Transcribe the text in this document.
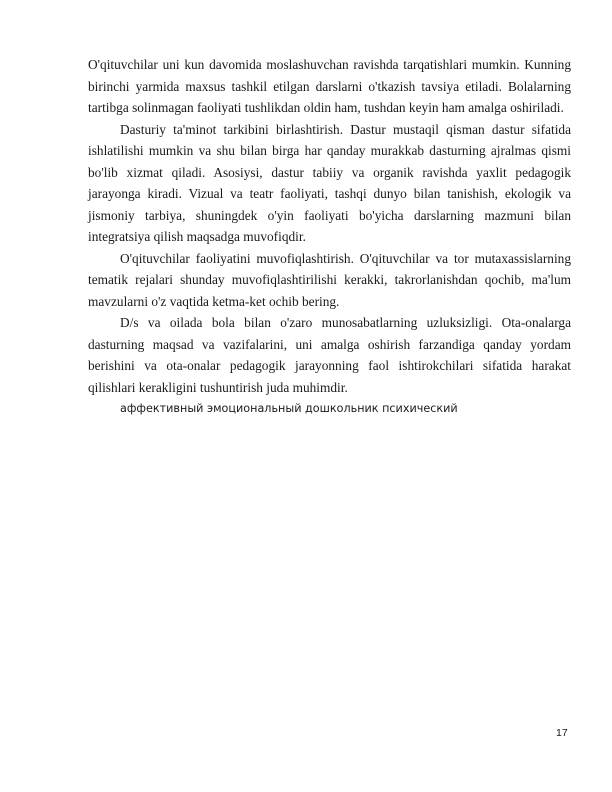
O'qituvchilar uni kun davomida moslashuvchan ravishda tarqatishlari mumkin. Kunning birinchi yarmida maxsus tashkil etilgan darslarni o'tkazish tavsiya etiladi. Bolalarning tartibga solinmagan faoliyati tushlikdan oldin ham, tushdan keyin ham amalga oshiriladi.

Dasturiy ta'minot tarkibini birlashtirish. Dastur mustaqil qisman dastur sifatida ishlatilishi mumkin va shu bilan birga har qanday murakkab dasturning ajralmas qismi bo'lib xizmat qiladi. Asosiysi, dastur tabiiy va organik ravishda yaxlit pedagogik jarayonga kiradi. Vizual va teatr faoliyati, tashqi dunyo bilan tanishish, ekologik va jismoniy tarbiya, shuningdek o'yin faoliyati bo'yicha darslarning mazmuni bilan integratsiya qilish maqsadga muvofiqdir.

O'qituvchilar faoliyatini muvofiqlashtirish. O'qituvchilar va tor mutaxassislarning tematik rejalari shunday muvofiqlashtirilishi kerakki, takrorlanishdan qochib, ma'lum mavzularni o'z vaqtida ketma-ket ochib bering.

D/s va oilada bola bilan o'zaro munosabatlarning uzluksizligi. Ota-onalarga dasturning maqsad va vazifalarini, uni amalga oshirish farzandiga qanday yordam berishini va ota-onalar pedagogik jarayonning faol ishtirokchilari sifatida harakat qilishlari kerakligini tushuntirish juda muhimdir.

аффективный эмоциональный дошкольник психический

17
